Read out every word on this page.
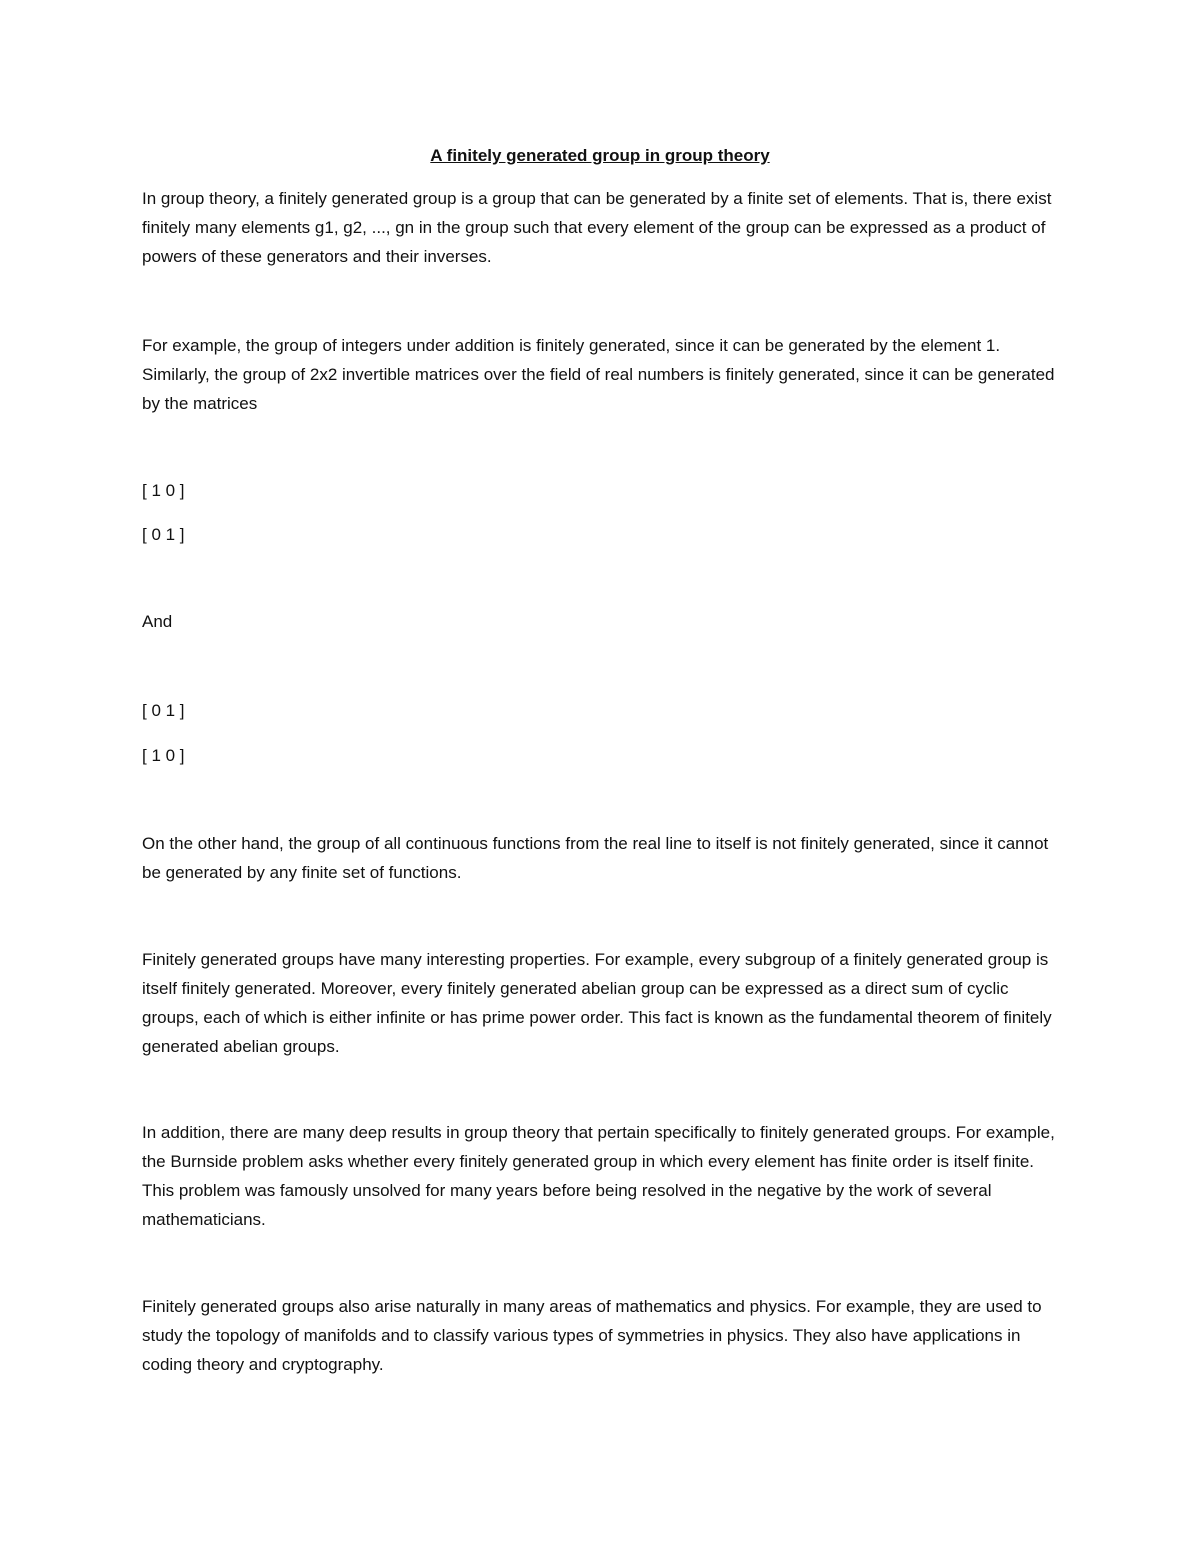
A finitely generated group in group theory

In group theory, a finitely generated group is a group that can be generated by a finite set of elements. That is, there exist finitely many elements g1, g2, ..., gn in the group such that every element of the group can be expressed as a product of powers of these generators and their inverses.

For example, the group of integers under addition is finitely generated, since it can be generated by the element 1. Similarly, the group of 2x2 invertible matrices over the field of real numbers is finitely generated, since it can be generated by the matrices

[ 1 0 ]

[ 0 1 ]

And

[ 0 1 ]

[ 1 0 ]

On the other hand, the group of all continuous functions from the real line to itself is not finitely generated, since it cannot be generated by any finite set of functions.

Finitely generated groups have many interesting properties. For example, every subgroup of a finitely generated group is itself finitely generated. Moreover, every finitely generated abelian group can be expressed as a direct sum of cyclic groups, each of which is either infinite or has prime power order. This fact is known as the fundamental theorem of finitely generated abelian groups.

In addition, there are many deep results in group theory that pertain specifically to finitely generated groups. For example, the Burnside problem asks whether every finitely generated group in which every element has finite order is itself finite. This problem was famously unsolved for many years before being resolved in the negative by the work of several mathematicians.

Finitely generated groups also arise naturally in many areas of mathematics and physics. For example, they are used to study the topology of manifolds and to classify various types of symmetries in physics. They also have applications in coding theory and cryptography.
